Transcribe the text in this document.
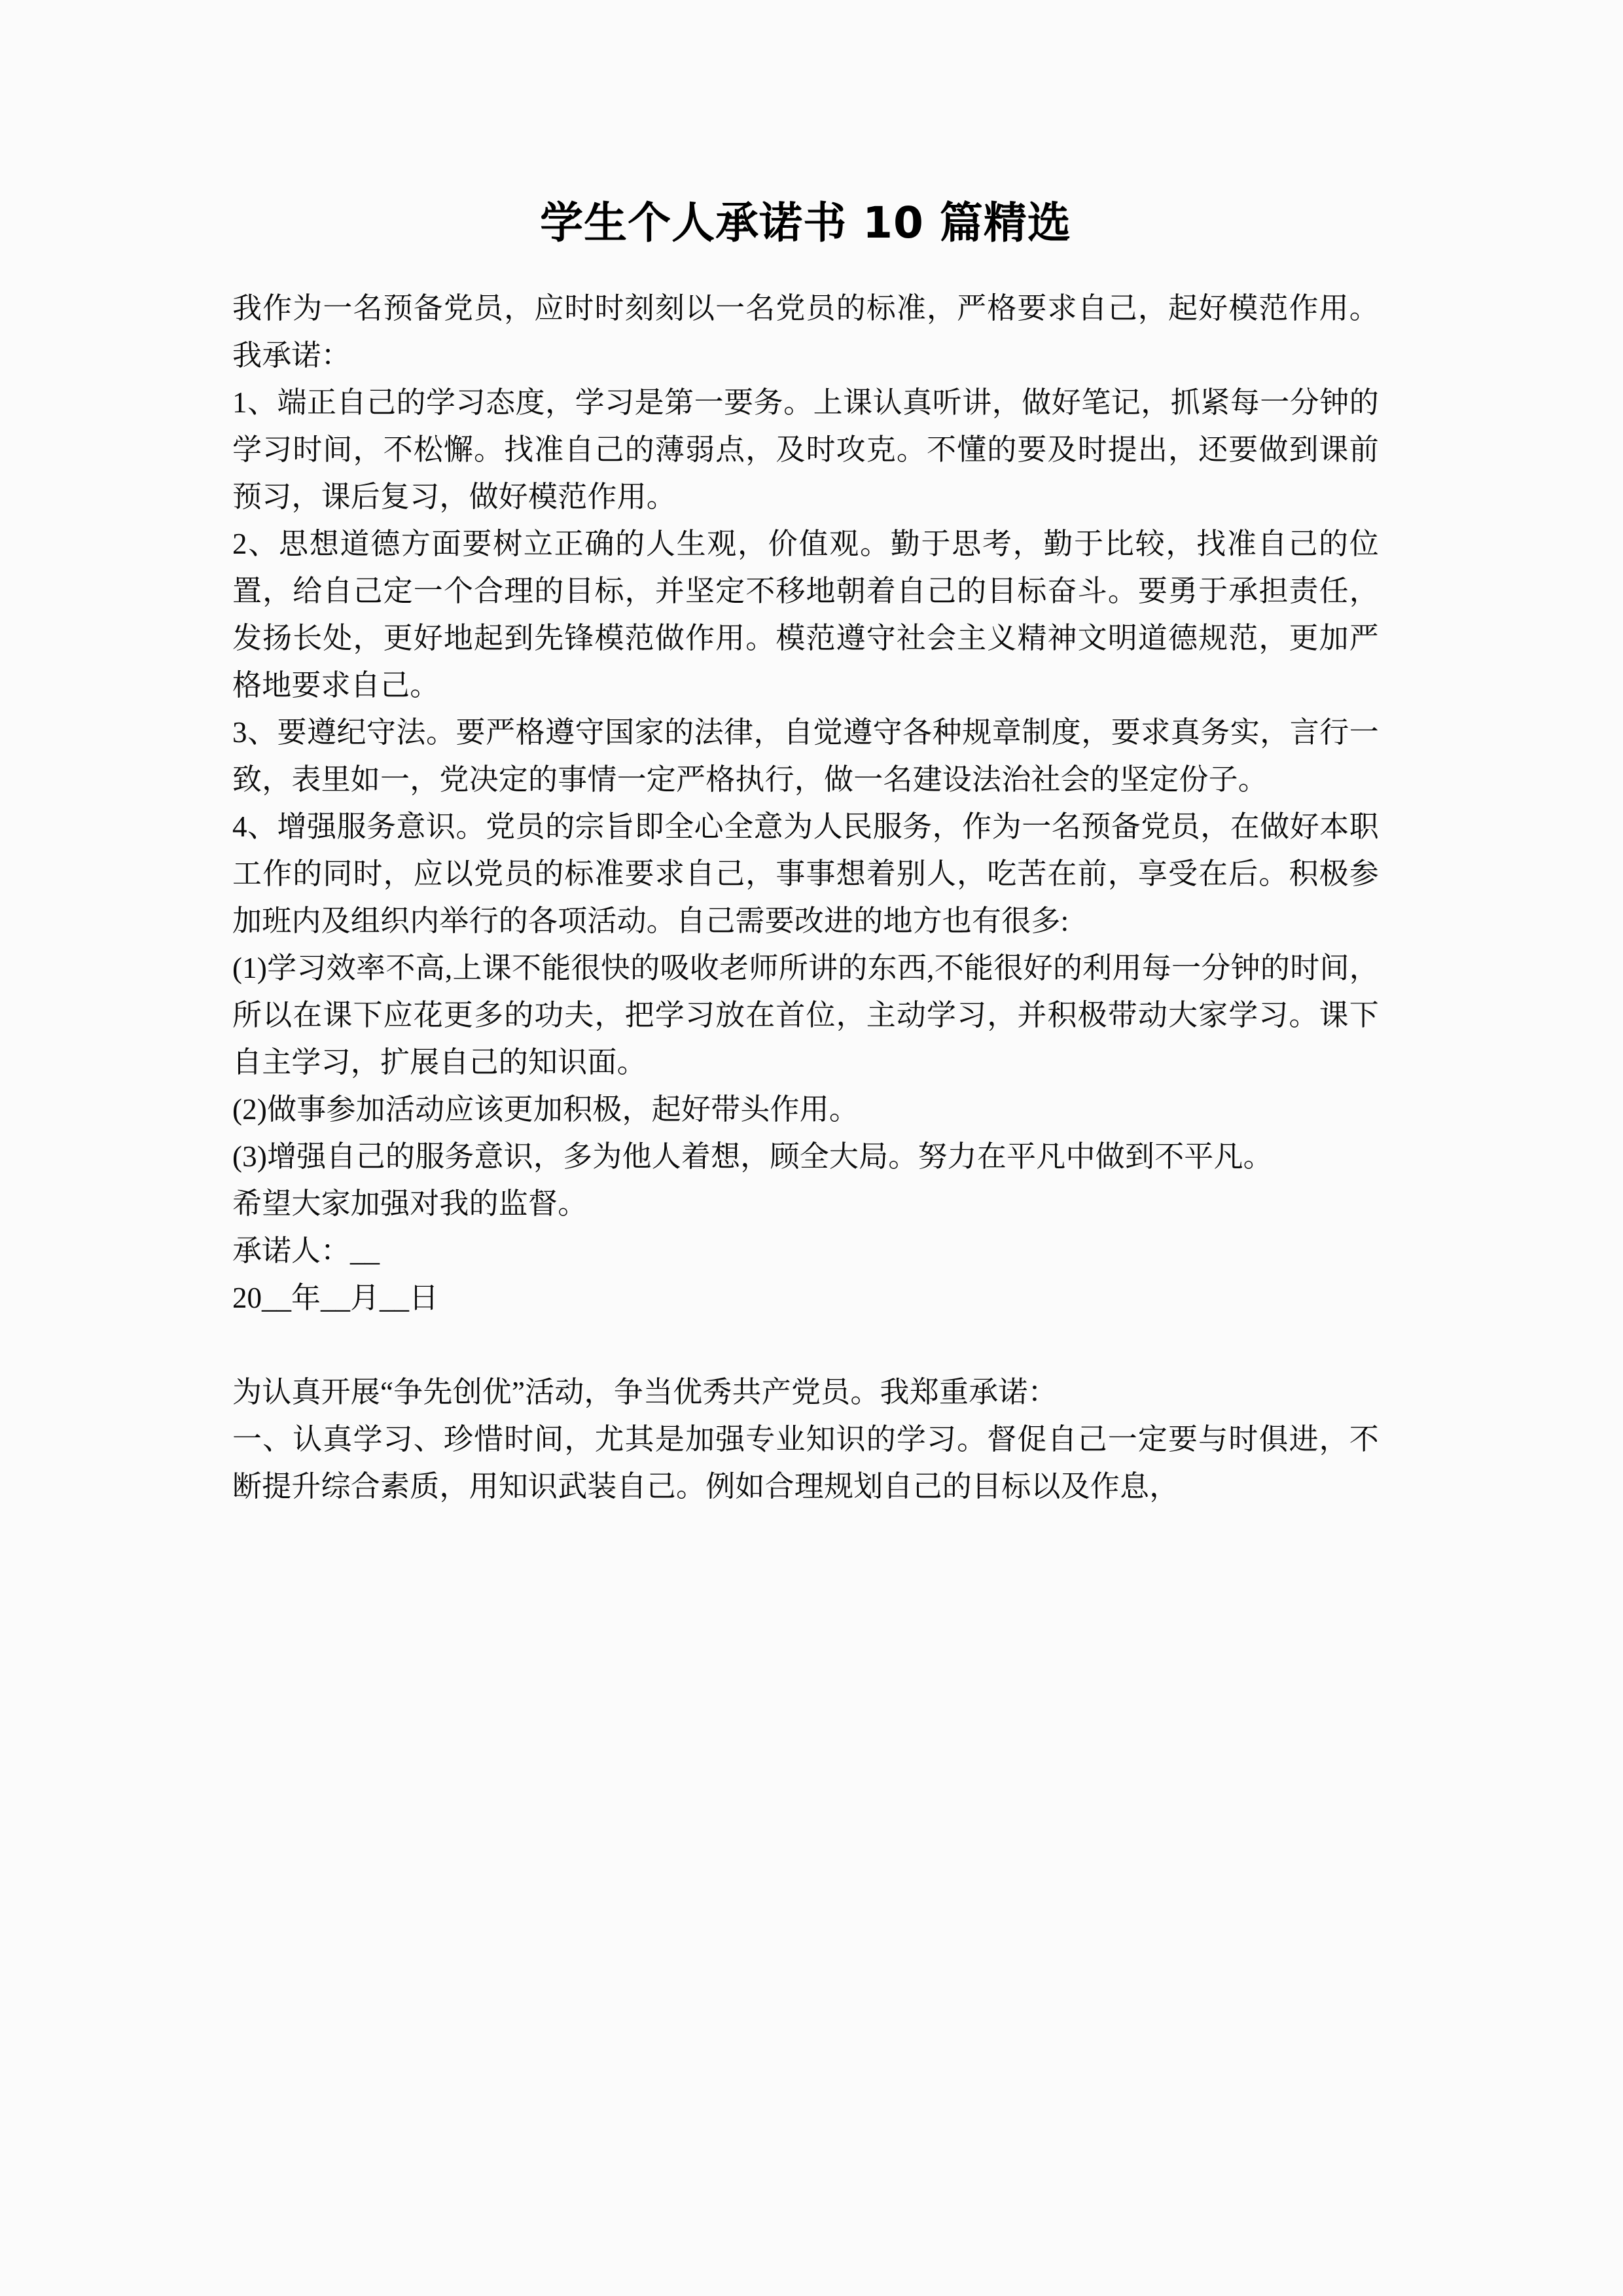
学生个人承诺书 10 篇精选

我作为一名预备党员，应时时刻刻以一名党员的标准，严格要求自己，起好模范作用。我承诺：

1、端正自己的学习态度，学习是第一要务。上课认真听讲，做好笔记，抓紧每一分钟的学习时间，不松懈。找准自己的薄弱点，及时攻克。不懂的要及时提出，还要做到课前预习，课后复习，做好模范作用。

2、思想道德方面要树立正确的人生观，价值观。勤于思考，勤于比较，找准自己的位置，给自己定一个合理的目标，并坚定不移地朝着自己的目标奋斗。要勇于承担责任，发扬长处，更好地起到先锋模范做作用。模范遵守社会主义精神文明道德规范，更加严格地要求自己。

3、要遵纪守法。要严格遵守国家的法律，自觉遵守各种规章制度，要求真务实，言行一致，表里如一，党决定的事情一定严格执行，做一名建设法治社会的坚定份子。

4、增强服务意识。党员的宗旨即全心全意为人民服务，作为一名预备党员，在做好本职工作的同时，应以党员的标准要求自己，事事想着别人，吃苦在前，享受在后。积极参加班内及组织内举行的各项活动。自己需要改进的地方也有很多:

(1)学习效率不高,上课不能很快的吸收老师所讲的东西,不能很好的利用每一分钟的时间，所以在课下应花更多的功夫，把学习放在首位，主动学习，并积极带动大家学习。课下自主学习，扩展自己的知识面。

(2)做事参加活动应该更加积极，起好带头作用。

(3)增强自己的服务意识，多为他人着想，顾全大局。努力在平凡中做到不平凡。

希望大家加强对我的监督。

承诺人：__

20__年__月__日

为认真开展“争先创优”活动，争当优秀共产党员。我郑重承诺：

一、认真学习、珍惜时间，尤其是加强专业知识的学习。督促自己一定要与时俱进，不断提升综合素质，用知识武装自己。例如合理规划自己的目标以及作息，
